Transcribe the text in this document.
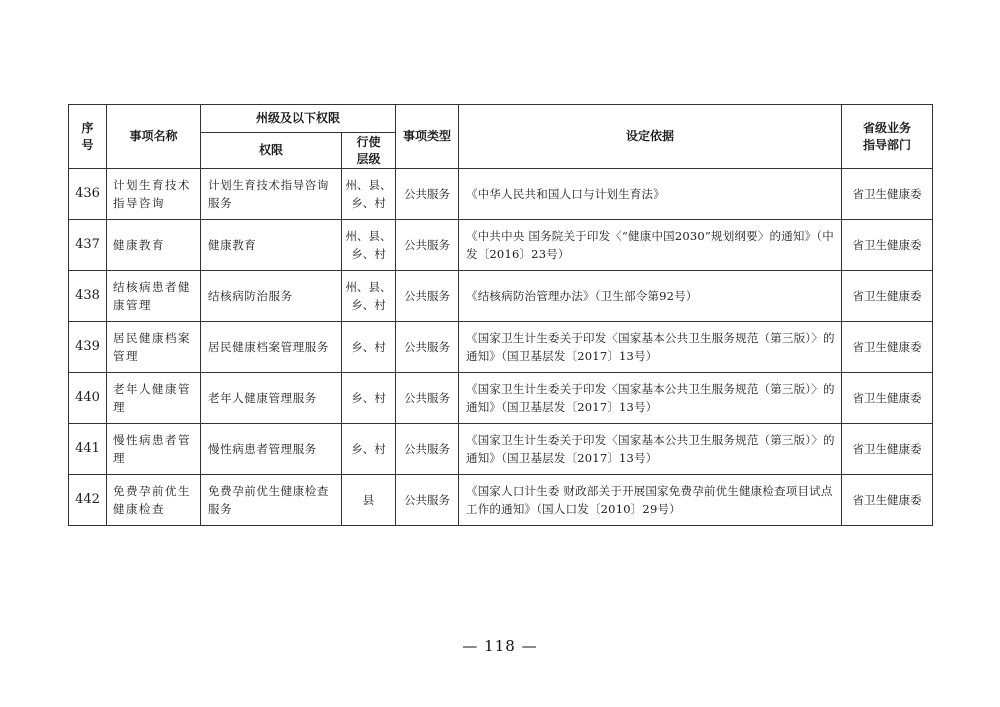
序号	事项名称	州级及以下权限		事项类型	设定依据	省级业务指导部门
		权限	行使层级			
436	计划生育技术指导咨询	计划生育技术指导咨询服务	州、县、乡、村	公共服务	《中华人民共和国人口与计划生育法》	省卫生健康委
437	健康教育	健康教育	州、县、乡、村	公共服务	《中共中央 国务院关于印发〈“健康中国2030”规划纲要〉的通知》（中发〔2016〕23号）	省卫生健康委
438	结核病患者健康管理	结核病防治服务	州、县、乡、村	公共服务	《结核病防治管理办法》（卫生部令第92号）	省卫生健康委
439	居民健康档案管理	居民健康档案管理服务	乡、村	公共服务	《国家卫生计生委关于印发〈国家基本公共卫生服务规范（第三版）〉的通知》（国卫基层发〔2017〕13号）	省卫生健康委
440	老年人健康管理	老年人健康管理服务	乡、村	公共服务	《国家卫生计生委关于印发〈国家基本公共卫生服务规范（第三版）〉的通知》（国卫基层发〔2017〕13号）	省卫生健康委
441	慢性病患者管理	慢性病患者管理服务	乡、村	公共服务	《国家卫生计生委关于印发〈国家基本公共卫生服务规范（第三版）〉的通知》（国卫基层发〔2017〕13号）	省卫生健康委
442	免费孕前优生健康检查	免费孕前优生健康检查服务	县	公共服务	《国家人口计生委 财政部关于开展国家免费孕前优生健康检查项目试点工作的通知》（国人口发〔2010〕29号）	省卫生健康委
— 118 —
